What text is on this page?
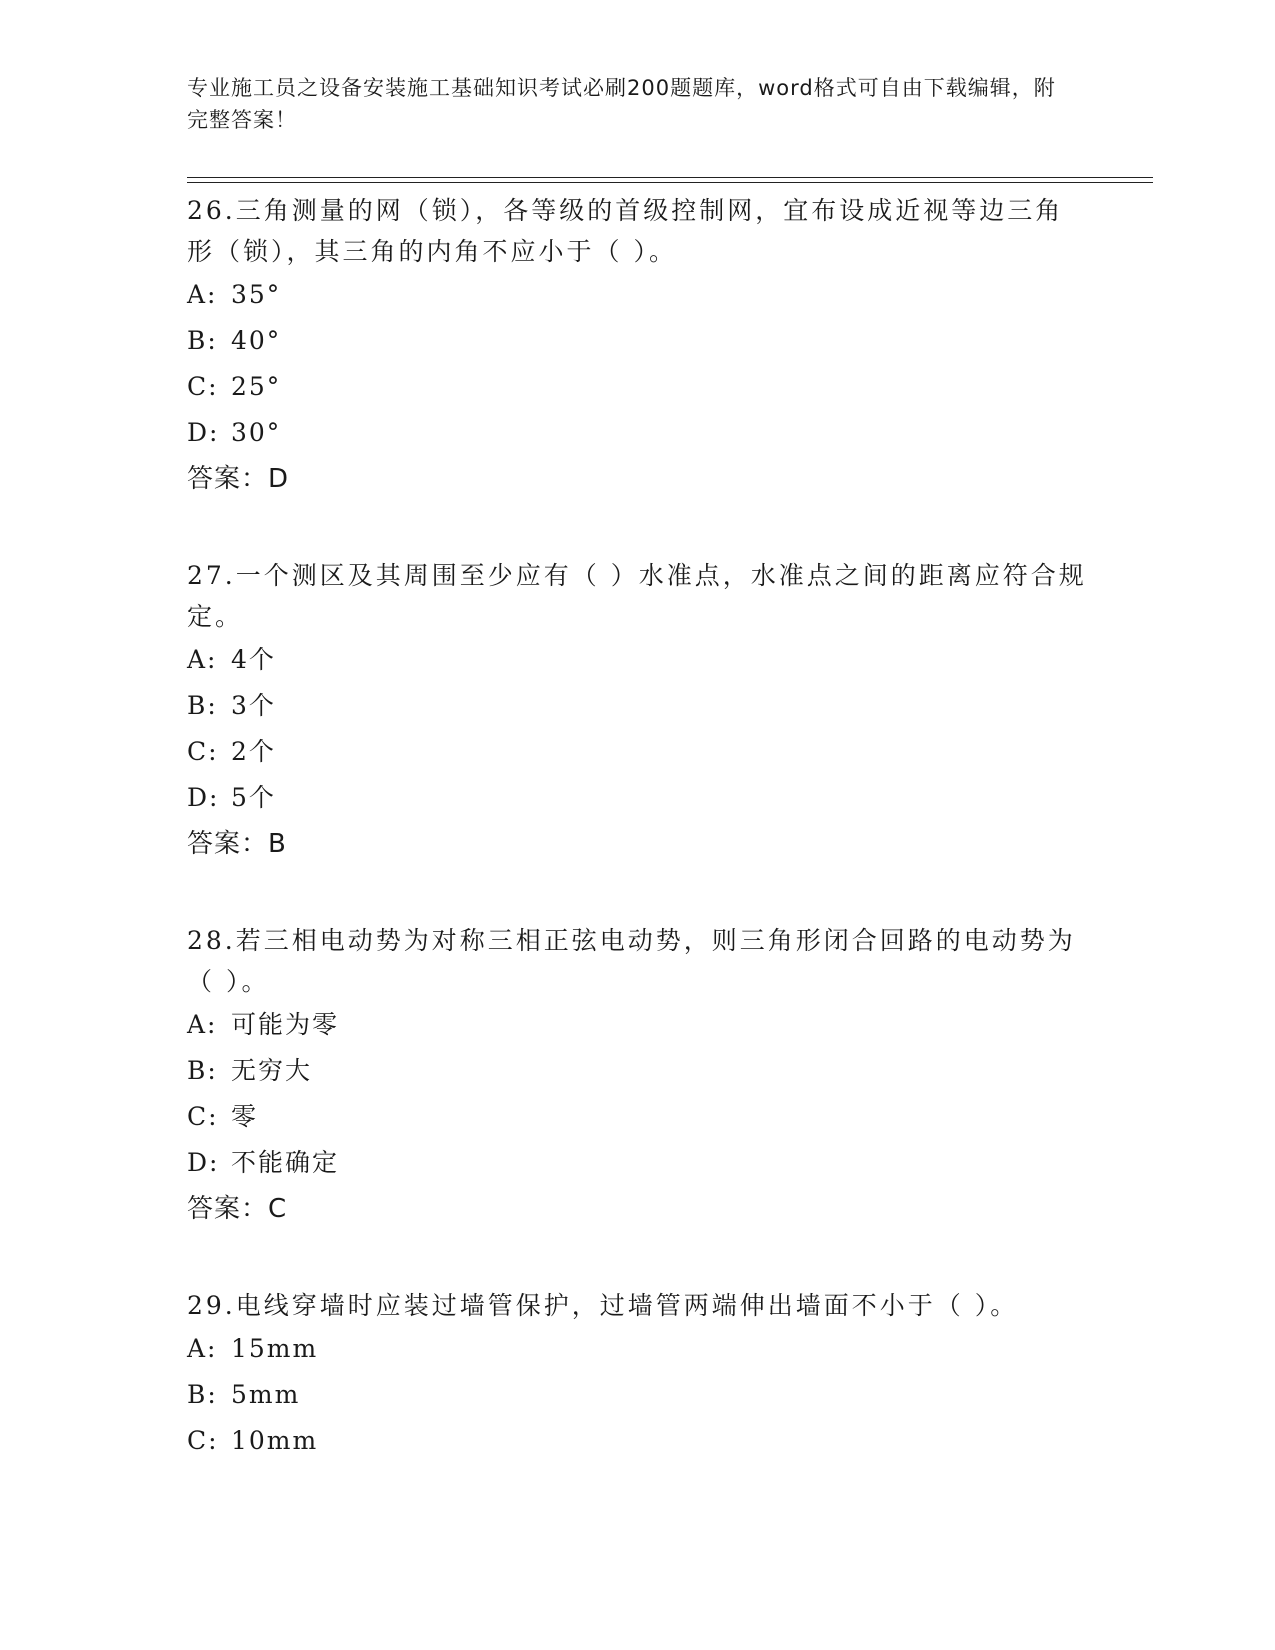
专业施工员之设备安装施工基础知识考试必刷200题题库，word格式可自由下载编辑，附完整答案！

26.三角测量的网（锁），各等级的首级控制网，宜布设成近视等边三角形（锁），其三角的内角不应小于（ ）。

A: 35°
B: 40°
C: 25°
D: 30°
答案：D

27.一个测区及其周围至少应有（ ）水准点，水准点之间的距离应符合规定。

A: 4个
B: 3个
C: 2个
D: 5个
答案：B

28.若三相电动势为对称三相正弦电动势，则三角形闭合回路的电动势为（ ）。

A: 可能为零
B: 无穷大
C: 零
D: 不能确定
答案：C

29.电线穿墙时应装过墙管保护，过墙管两端伸出墙面不小于（ ）。

A: 15mm
B: 5mm
C: 10mm
